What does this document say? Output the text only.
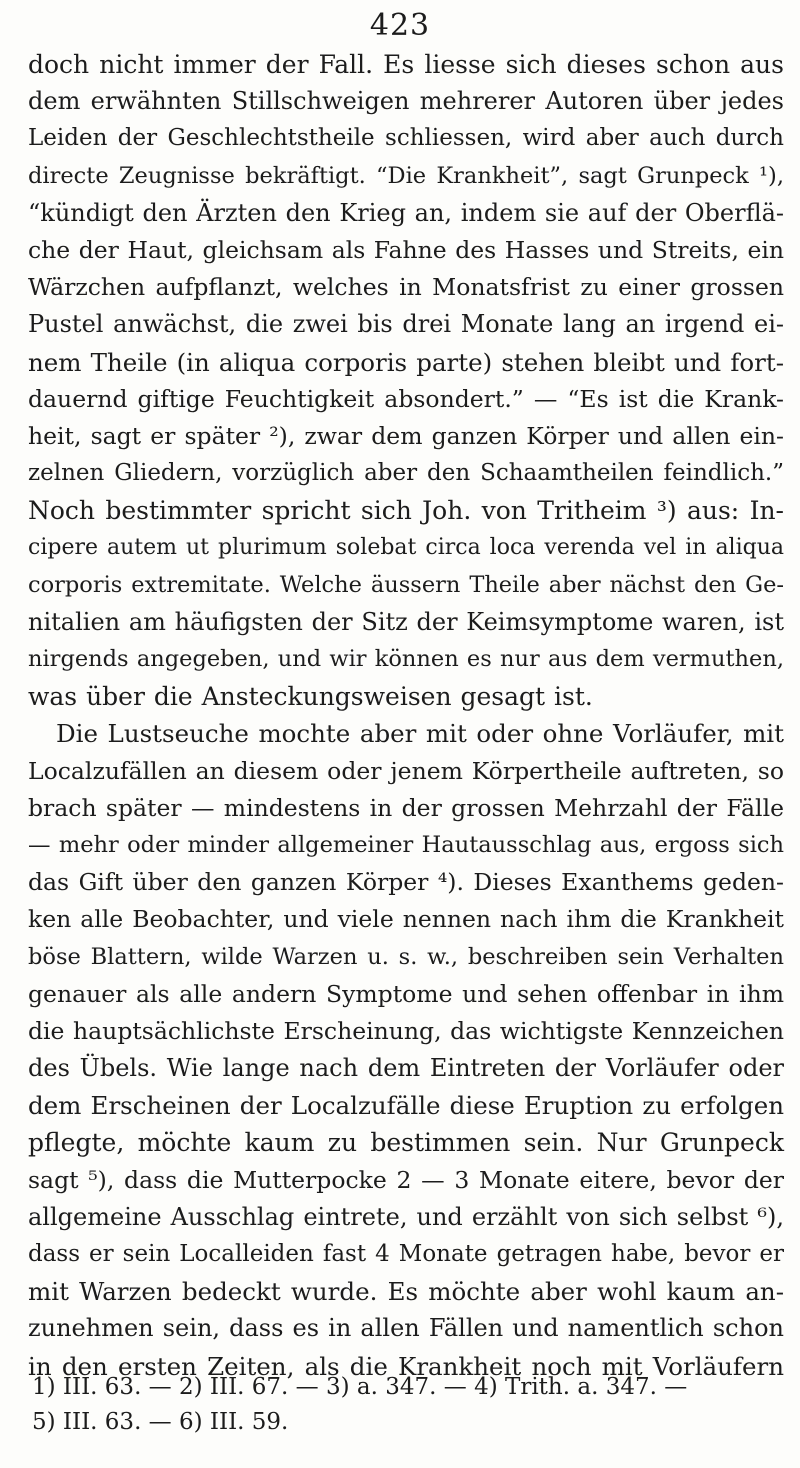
423
doch nicht immer der Fall. Es liesse sich dieses schon aus
dem erwähnten Stillschweigen mehrerer Autoren über jedes
Leiden der Geschlechtstheile schliessen, wird aber auch durch
directe Zeugnisse bekräftigt. “Die Krankheit”, sagt Grunpeck ¹),
“kündigt den Ärzten den Krieg an, indem sie auf der Oberflä-
che der Haut, gleichsam als Fahne des Hasses und Streits, ein
Wärzchen aufpflanzt, welches in Monatsfrist zu einer grossen
Pustel anwächst, die zwei bis drei Monate lang an irgend ei-
nem Theile (in aliqua corporis parte) stehen bleibt und fort-
dauernd giftige Feuchtigkeit absondert.” — “Es ist die Krank-
heit, sagt er später ²), zwar dem ganzen Körper und allen ein-
zelnen Gliedern, vorzüglich aber den Schaamtheilen feindlich.”
Noch bestimmter spricht sich Joh. von Tritheim ³) aus: In-
cipere autem ut plurimum solebat circa loca verenda vel in aliqua
corporis extremitate. Welche äussern Theile aber nächst den Ge-
nitalien am häufigsten der Sitz der Keimsymptome waren, ist
nirgends angegeben, und wir können es nur aus dem vermuthen,
was über die Ansteckungsweisen gesagt ist.
Die Lustseuche mochte aber mit oder ohne Vorläufer, mit
Localzufällen an diesem oder jenem Körpertheile auftreten, so
brach später — mindestens in der grossen Mehrzahl der Fälle
— mehr oder minder allgemeiner Hautausschlag aus, ergoss sich
das Gift über den ganzen Körper ⁴). Dieses Exanthems geden-
ken alle Beobachter, und viele nennen nach ihm die Krankheit
böse Blattern, wilde Warzen u. s. w., beschreiben sein Verhalten
genauer als alle andern Symptome und sehen offenbar in ihm
die hauptsächlichste Erscheinung, das wichtigste Kennzeichen
des Übels. Wie lange nach dem Eintreten der Vorläufer oder
dem Erscheinen der Localzufälle diese Eruption zu erfolgen
pflegte, möchte kaum zu bestimmen sein. Nur Grunpeck
sagt ⁵), dass die Mutterpocke 2 — 3 Monate eitere, bevor der
allgemeine Ausschlag eintrete, und erzählt von sich selbst ⁶),
dass er sein Localleiden fast 4 Monate getragen habe, bevor er
mit Warzen bedeckt wurde. Es möchte aber wohl kaum an-
zunehmen sein, dass es in allen Fällen und namentlich schon
in den ersten Zeiten, als die Krankheit noch mit Vorläufern
1) III. 63. — 2) III. 67. — 3) a. 347. — 4) Trith. a. 347. —
5) III. 63. — 6) III. 59.
